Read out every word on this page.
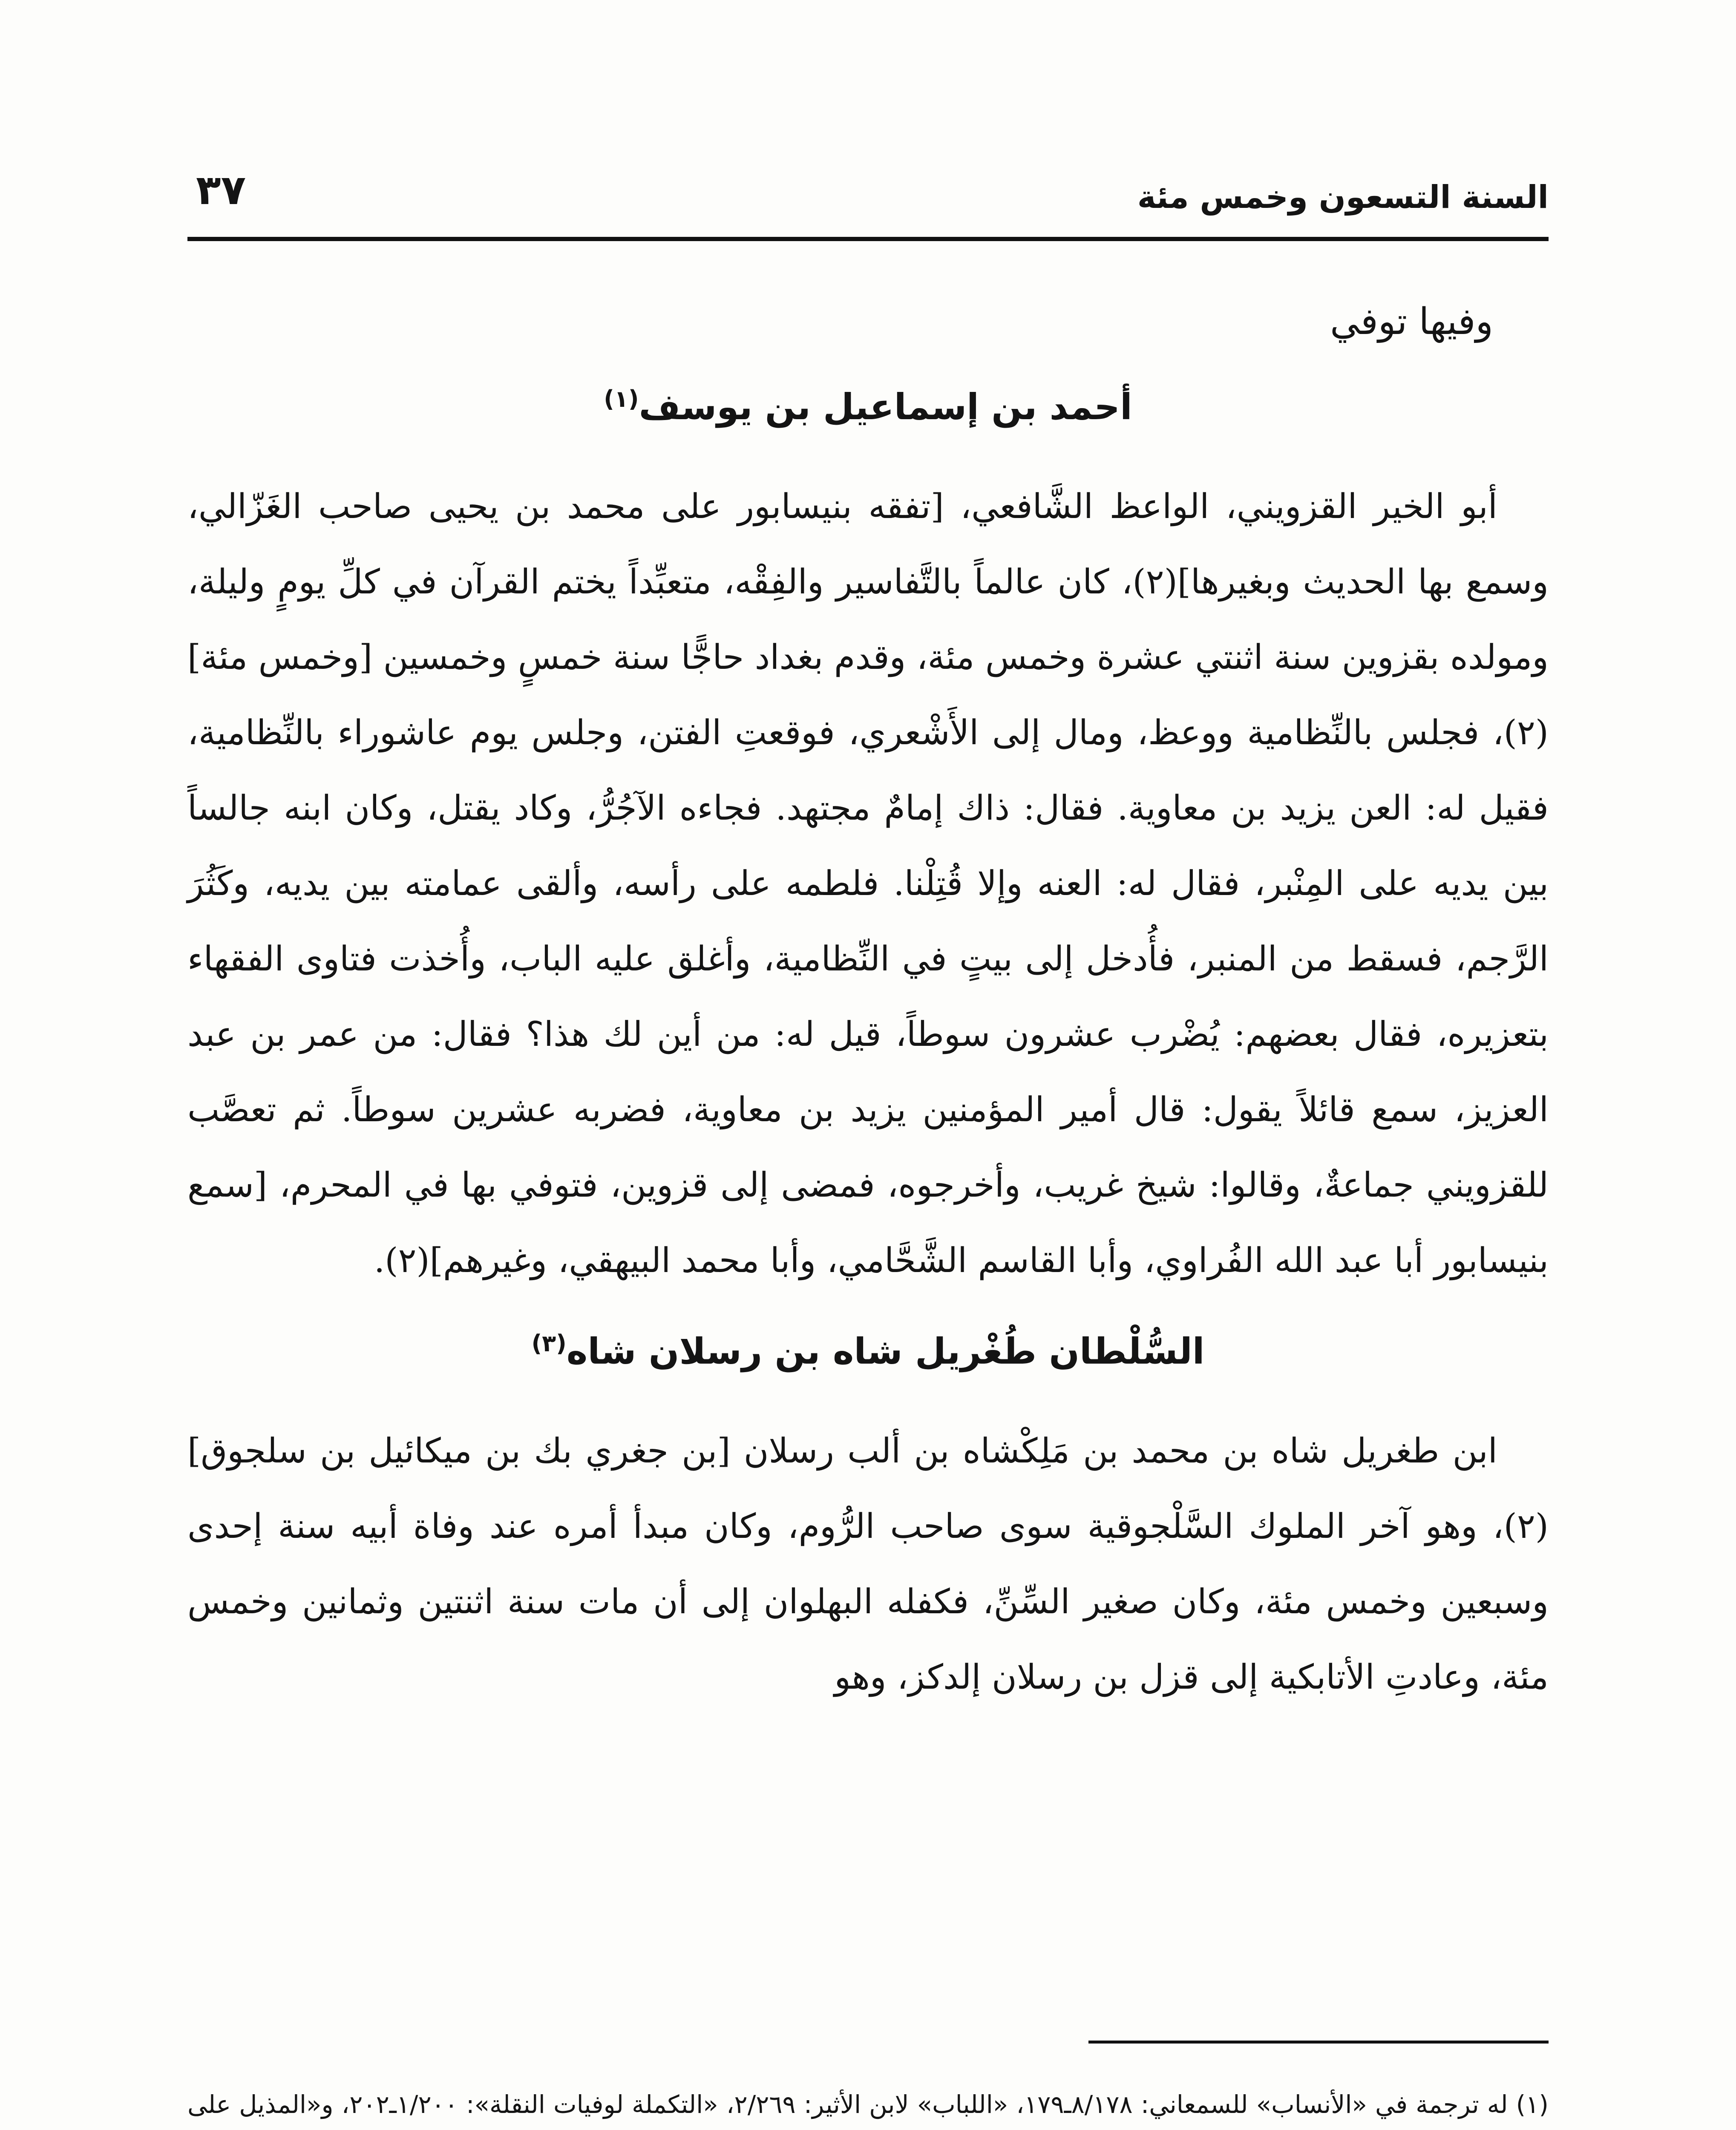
السنة التسعون وخمس مئة
٣٧

وفيها توفي

أحمد بن إسماعيل بن يوسف$^{(١)}$

أبو الخير القزويني، الواعظ الشَّافعي، [تفقه بنيسابور على محمد بن يحيى صاحب الغَزّالي، وسمع بها الحديث وبغيرها](٢)، كان عالماً بالتَّفاسير والفِقْه، متعبِّداً يختم القرآن في كلِّ يومٍ وليلة، ومولده بقزوين سنة اثنتي عشرة وخمس مئة، وقدم بغداد حاجًّا سنة خمسٍ وخمسين [وخمس مئة](٢)، فجلس بالنِّظامية ووعظ، ومال إلى الأَشْعري، فوقعتِ الفتن، وجلس يوم عاشوراء بالنِّظامية، فقيل له: العن يزيد بن معاوية. فقال: ذاك إمامٌ مجتهد. فجاءه الآجُرُّ، وكاد يقتل، وكان ابنه جالساً بين يديه على المِنْبر، فقال له: العنه وإلا قُتِلْنا. فلطمه على رأسه، وألقى عمامته بين يديه، وكَثُرَ الرَّجم، فسقط من المنبر، فأُدخل إلى بيتٍ في النِّظامية، وأغلق عليه الباب، وأُخذت فتاوى الفقهاء بتعزيره، فقال بعضهم: يُضْرب عشرون سوطاً، قيل له: من أين لك هذا؟ فقال: من عمر بن عبد العزيز، سمع قائلاً يقول: قال أمير المؤمنين يزيد بن معاوية، فضربه عشرين سوطاً. ثم تعصَّب للقزويني جماعةٌ، وقالوا: شيخ غريب، وأخرجوه، فمضى إلى قزوين، فتوفي بها في المحرم، [سمع بنيسابور أبا عبد الله الفُراوي، وأبا القاسم الشَّحَّامي، وأبا محمد البيهقي، وغيرهم](٢).

السُّلْطان طُغْريل شاه بن رسلان شاه$^{(٣)}$

ابن طغريل شاه بن محمد بن مَلِكْشاه بن ألب رسلان [بن جغري بك بن ميكائيل بن سلجوق](٢)، وهو آخر الملوك السَّلْجوقية سوى صاحب الرُّوم، وكان مبدأ أمره عند وفاة أبيه سنة إحدى وسبعين وخمس مئة، وكان صغير السِّنِّ، فكفله البهلوان إلى أن مات سنة اثنتين وثمانين وخمس مئة، وعادتِ الأتابكية إلى قزل بن رسلان إلدكز، وهو

(١) له ترجمة في «الأنساب» للسمعاني: ٨/١٧٨ـ١٧٩، «اللباب» لابن الأثير: ٢/٢٦٩، «التكملة لوفيات النقلة»: ١/٢٠٠ـ٢٠٢، و«المذيل على
